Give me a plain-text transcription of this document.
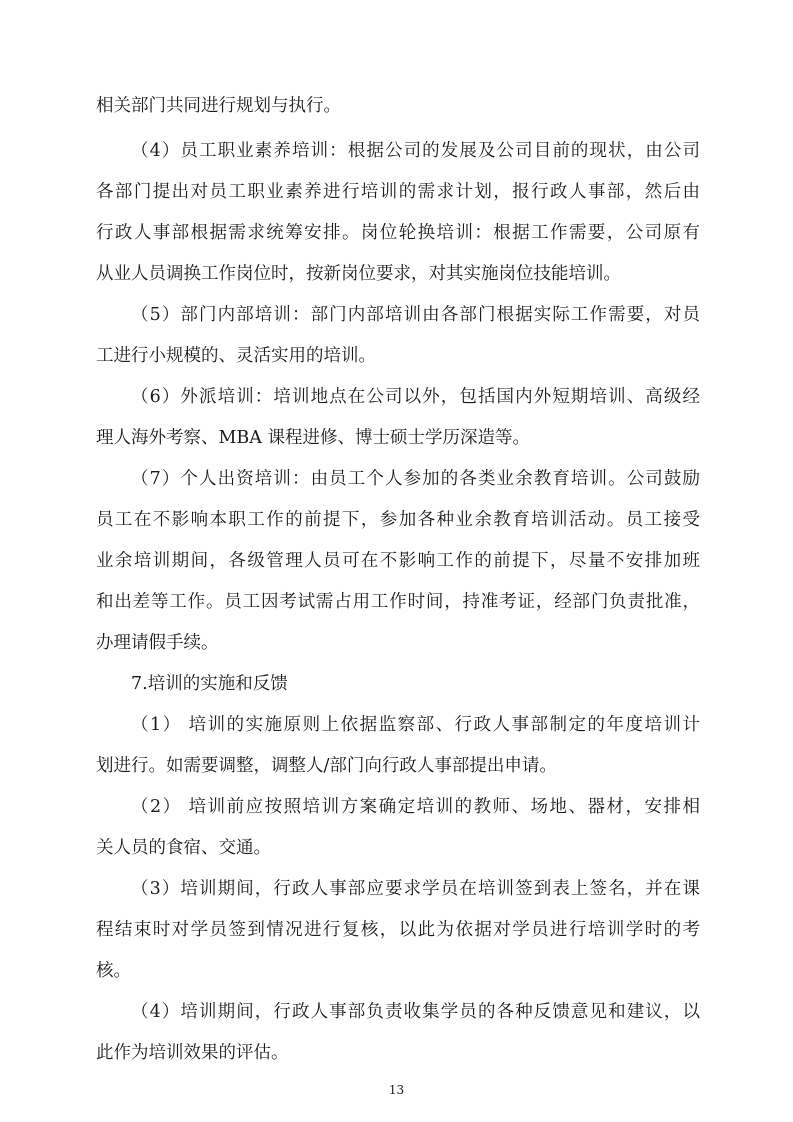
相关部门共同进行规划与执行。
（4）员工职业素养培训：根据公司的发展及公司目前的现状，由公司
各部门提出对员工职业素养进行培训的需求计划，报行政人事部，然后由
行政人事部根据需求统筹安排。岗位轮换培训：根据工作需要，公司原有
从业人员调换工作岗位时，按新岗位要求，对其实施岗位技能培训。
（5）部门内部培训：部门内部培训由各部门根据实际工作需要，对员
工进行小规模的、灵活实用的培训。
（6）外派培训：培训地点在公司以外，包括国内外短期培训、高级经
理人海外考察、MBA 课程进修、博士硕士学历深造等。
（7）个人出资培训：由员工个人参加的各类业余教育培训。公司鼓励
员工在不影响本职工作的前提下，参加各种业余教育培训活动。员工接受
业余培训期间，各级管理人员可在不影响工作的前提下，尽量不安排加班
和出差等工作。员工因考试需占用工作时间，持准考证，经部门负责批准，
办理请假手续。
7.培训的实施和反馈
（1） 培训的实施原则上依据监察部、行政人事部制定的年度培训计
划进行。如需要调整，调整人/部门向行政人事部提出申请。
（2） 培训前应按照培训方案确定培训的教师、场地、器材，安排相
关人员的食宿、交通。
（3）培训期间，行政人事部应要求学员在培训签到表上签名，并在课
程结束时对学员签到情况进行复核，以此为依据对学员进行培训学时的考
核。
（4）培训期间，行政人事部负责收集学员的各种反馈意见和建议，以
此作为培训效果的评估。
13
